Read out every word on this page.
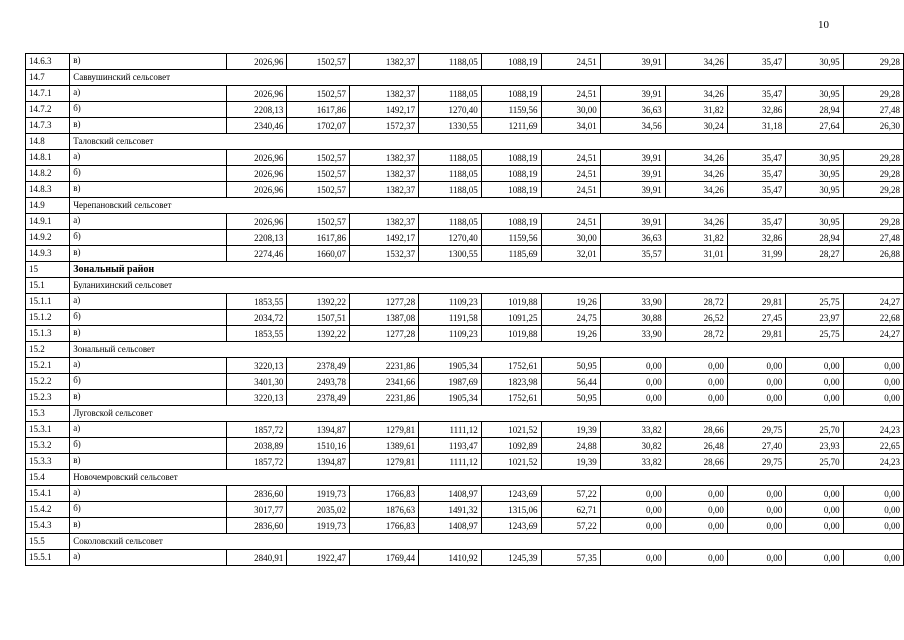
10
14.6.3	в)	2026,96	1502,57	1382,37	1188,05	1088,19	24,51	39,91	34,26	35,47	30,95	29,28
14.7	Саввушинский сельсовет											
14.7.1	а)	2026,96	1502,57	1382,37	1188,05	1088,19	24,51	39,91	34,26	35,47	30,95	29,28
14.7.2	б)	2208,13	1617,86	1492,17	1270,40	1159,56	30,00	36,63	31,82	32,86	28,94	27,48
14.7.3	в)	2340,46	1702,07	1572,37	1330,55	1211,69	34,01	34,56	30,24	31,18	27,64	26,30
14.8	Таловский сельсовет											
14.8.1	а)	2026,96	1502,57	1382,37	1188,05	1088,19	24,51	39,91	34,26	35,47	30,95	29,28
14.8.2	б)	2026,96	1502,57	1382,37	1188,05	1088,19	24,51	39,91	34,26	35,47	30,95	29,28
14.8.3	в)	2026,96	1502,57	1382,37	1188,05	1088,19	24,51	39,91	34,26	35,47	30,95	29,28
14.9	Черепановский сельсовет											
14.9.1	а)	2026,96	1502,57	1382,37	1188,05	1088,19	24,51	39,91	34,26	35,47	30,95	29,28
14.9.2	б)	2208,13	1617,86	1492,17	1270,40	1159,56	30,00	36,63	31,82	32,86	28,94	27,48
14.9.3	в)	2274,46	1660,07	1532,37	1300,55	1185,69	32,01	35,57	31,01	31,99	28,27	26,88
15	Зональный район											
15.1	Буланихинский сельсовет											
15.1.1	а)	1853,55	1392,22	1277,28	1109,23	1019,88	19,26	33,90	28,72	29,81	25,75	24,27
15.1.2	б)	2034,72	1507,51	1387,08	1191,58	1091,25	24,75	30,88	26,52	27,45	23,97	22,68
15.1.3	в)	1853,55	1392,22	1277,28	1109,23	1019,88	19,26	33,90	28,72	29,81	25,75	24,27
15.2	Зональный сельсовет											
15.2.1	а)	3220,13	2378,49	2231,86	1905,34	1752,61	50,95	0,00	0,00	0,00	0,00	0,00
15.2.2	б)	3401,30	2493,78	2341,66	1987,69	1823,98	56,44	0,00	0,00	0,00	0,00	0,00
15.2.3	в)	3220,13	2378,49	2231,86	1905,34	1752,61	50,95	0,00	0,00	0,00	0,00	0,00
15.3	Луговской сельсовет											
15.3.1	а)	1857,72	1394,87	1279,81	1111,12	1021,52	19,39	33,82	28,66	29,75	25,70	24,23
15.3.2	б)	2038,89	1510,16	1389,61	1193,47	1092,89	24,88	30,82	26,48	27,40	23,93	22,65
15.3.3	в)	1857,72	1394,87	1279,81	1111,12	1021,52	19,39	33,82	28,66	29,75	25,70	24,23
15.4	Новочемровский сельсовет											
15.4.1	а)	2836,60	1919,73	1766,83	1408,97	1243,69	57,22	0,00	0,00	0,00	0,00	0,00
15.4.2	б)	3017,77	2035,02	1876,63	1491,32	1315,06	62,71	0,00	0,00	0,00	0,00	0,00
15.4.3	в)	2836,60	1919,73	1766,83	1408,97	1243,69	57,22	0,00	0,00	0,00	0,00	0,00
15.5	Соколовский сельсовет											
15.5.1	а)	2840,91	1922,47	1769,44	1410,92	1245,39	57,35	0,00	0,00	0,00	0,00	0,00
